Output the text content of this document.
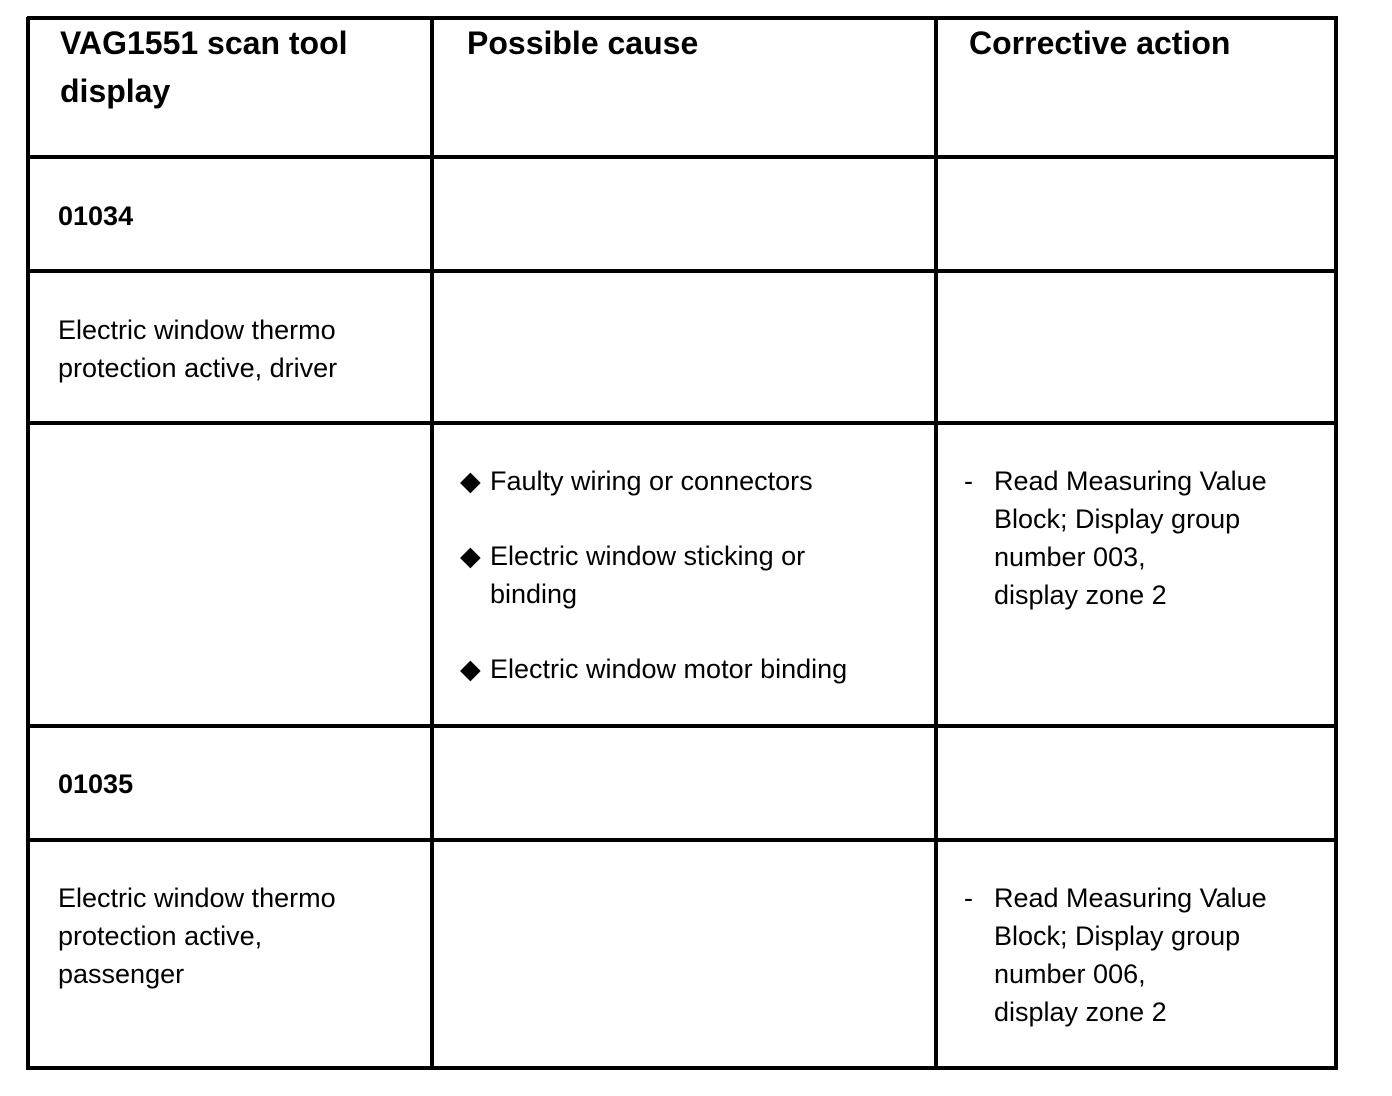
VAG1551 scan tool
display
Possible cause	Corrective action
01034
Electric window thermo
protection active, driver
◆ Faulty wiring or connectors
◆ Electric window sticking or
binding
◆ Electric window motor binding
- Read Measuring Value
Block; Display group
number 003,
display zone 2
01035
Electric window thermo
protection active,
passenger
- Read Measuring Value
Block; Display group
number 006,
display zone 2
